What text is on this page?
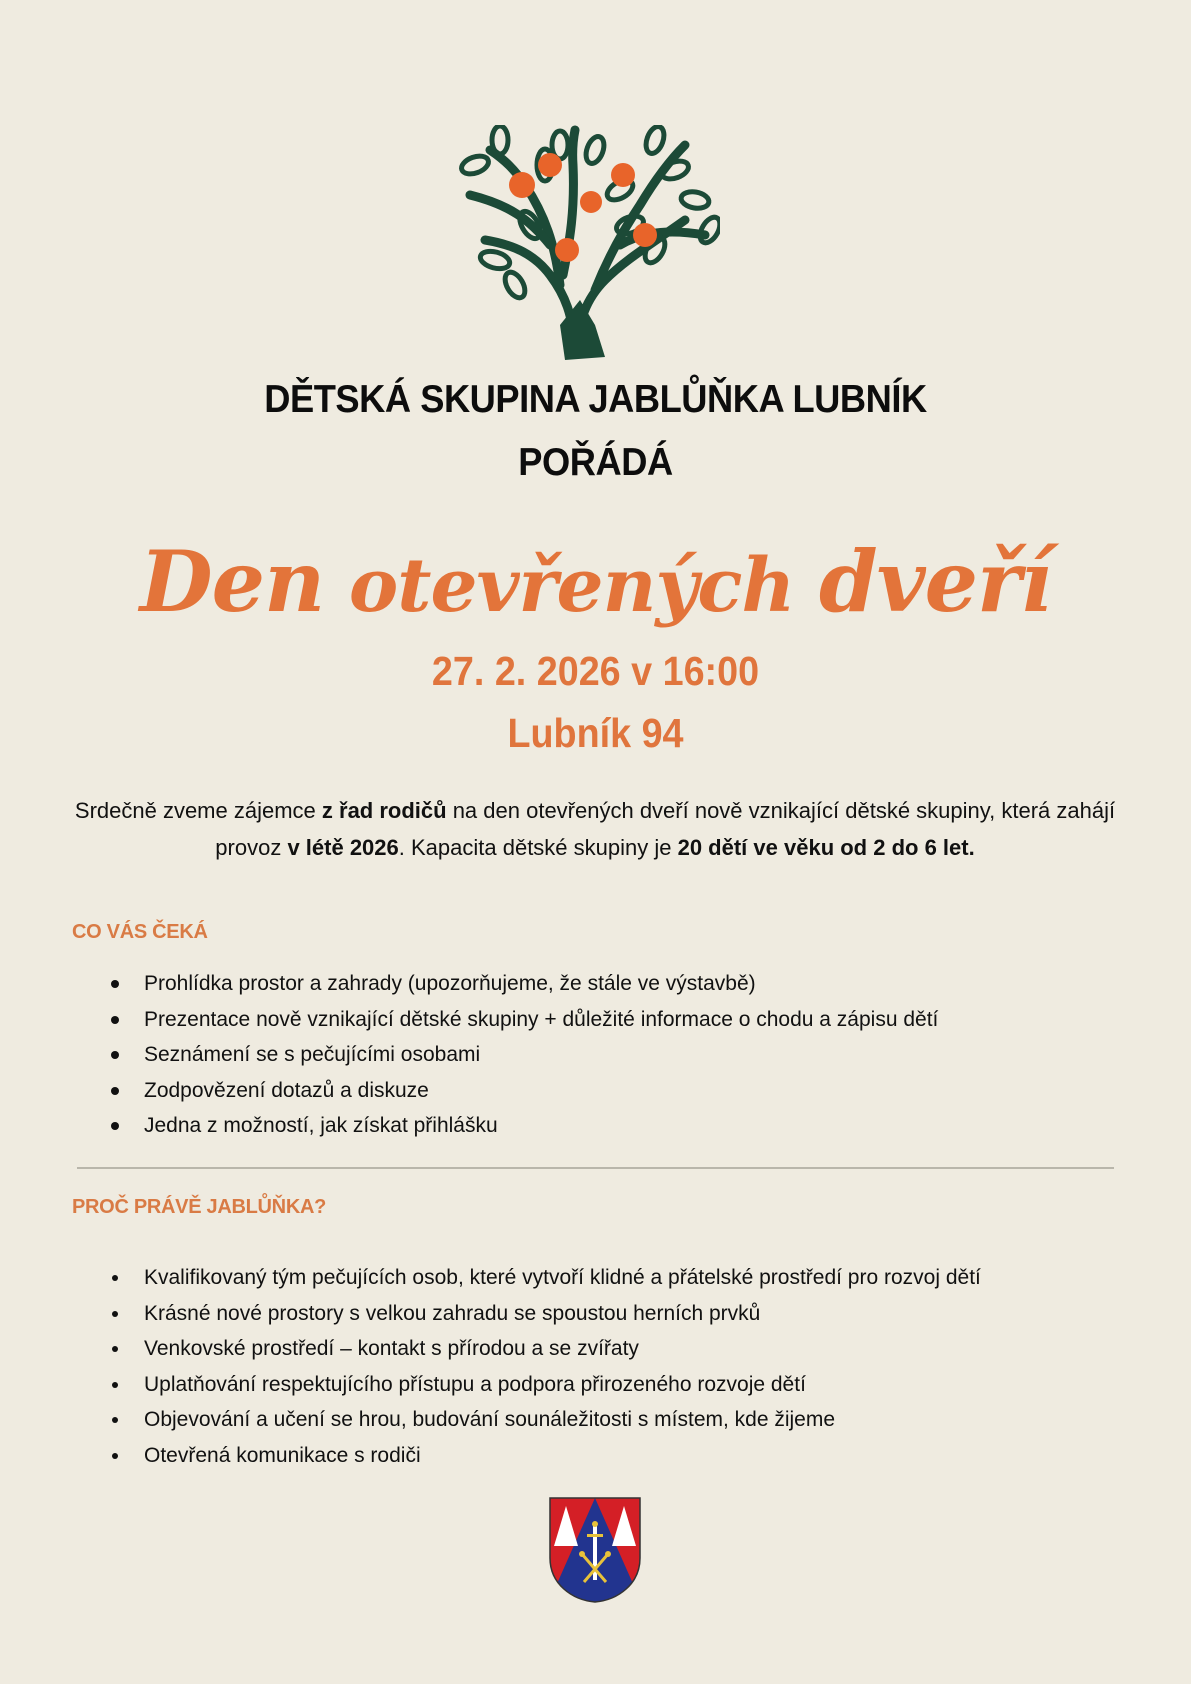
DĚTSKÁ SKUPINA JABLŮŇKA LUBNÍK
POŘÁDÁ
Den otevřených dveří
27. 2. 2026 v 16:00
Lubník 94
Srdečně zveme zájemce z řad rodičů na den otevřených dveří nově vznikající dětské skupiny, která zahájí provoz v létě 2026. Kapacita dětské skupiny je 20 dětí ve věku od 2 do 6 let.
CO VÁS ČEKÁ
Prohlídka prostor a zahrady (upozorňujeme, že stále ve výstavbě)
Prezentace nově vznikající dětské skupiny + důležité informace o chodu a zápisu dětí
Seznámení se s pečujícími osobami
Zodpovězení dotazů a diskuze
Jedna z možností, jak získat přihlášku
PROČ PRÁVĚ JABLŮŇKA?
Kvalifikovaný tým pečujících osob, které vytvoří klidné a přátelské prostředí pro rozvoj dětí
Krásné nové prostory s velkou zahradu se spoustou herních prvků
Venkovské prostředí – kontakt s přírodou a se zvířaty
Uplatňování respektujícího přístupu a podpora přirozeného rozvoje dětí
Objevování a učení se hrou, budování sounáležitosti s místem, kde žijeme
Otevřená komunikace s rodiči
